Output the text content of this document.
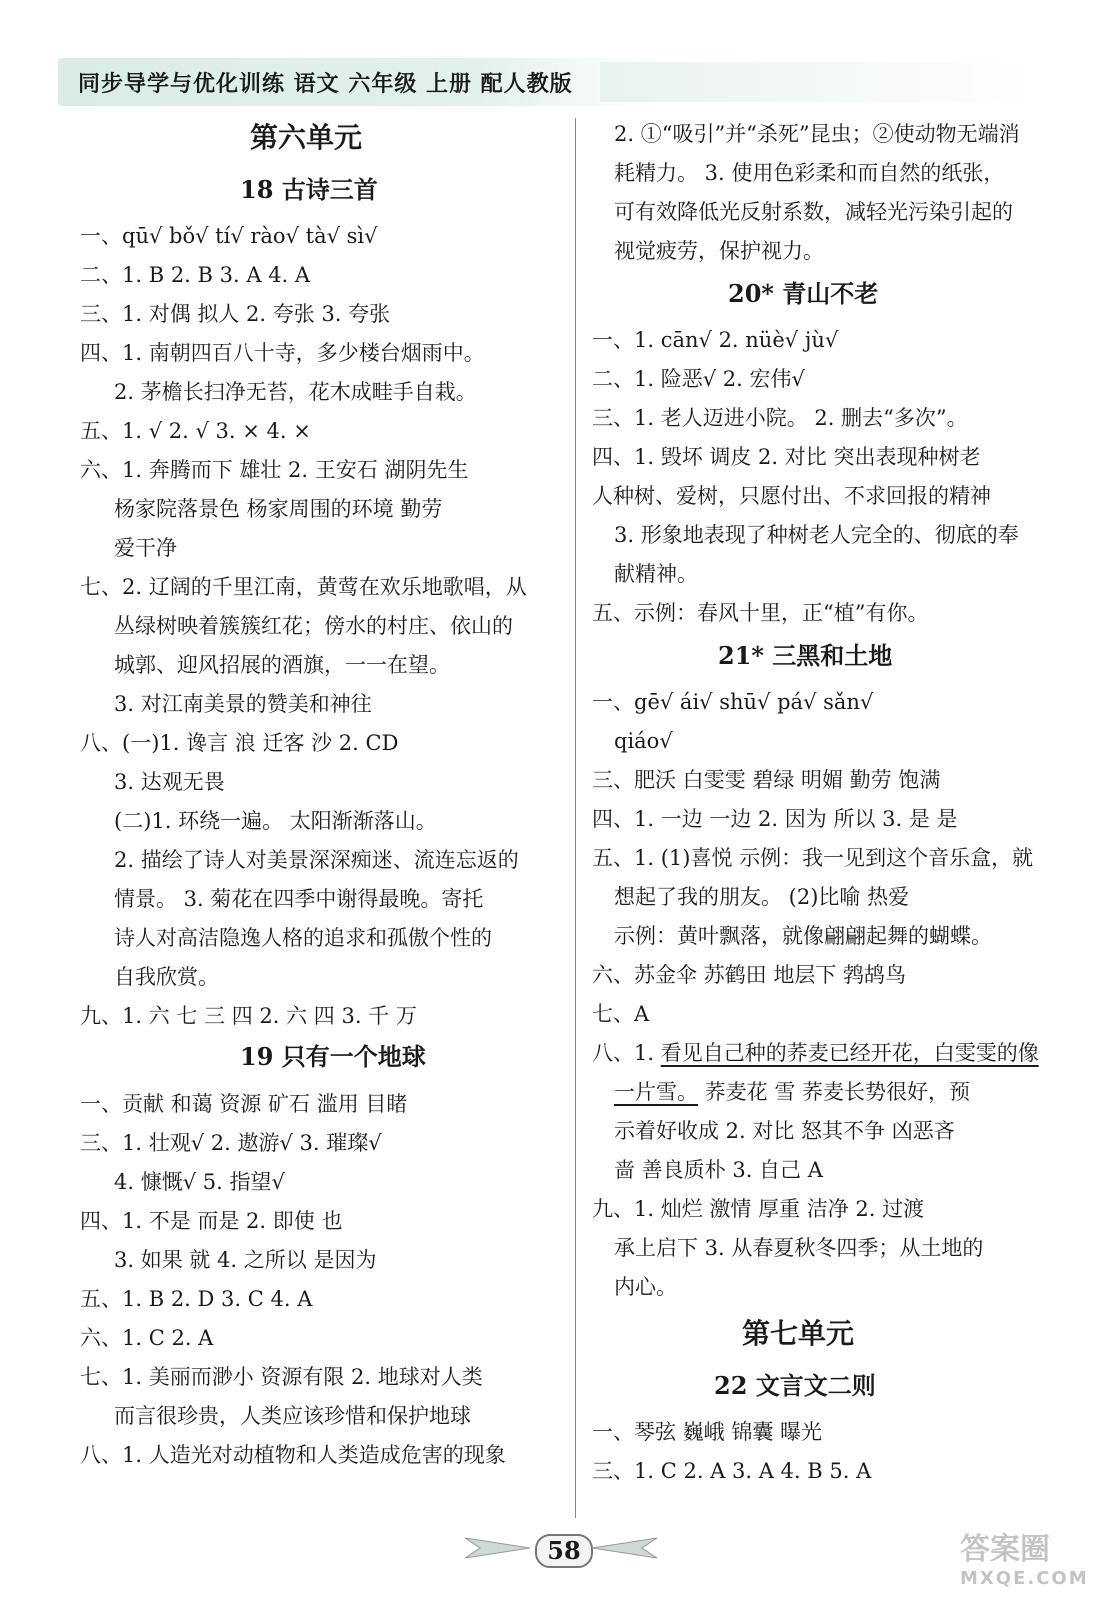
同步导学与优化训练 语文 六年级 上册 配人教版
第六单元
18 古诗三首
一、qū√ bǒ√ tí√ rào√ tà√ sì√
二、1. B 2. B 3. A 4. A
三、1. 对偶 拟人 2. 夸张 3. 夸张
四、1. 南朝四百八十寺，多少楼台烟雨中。
2. 茅檐长扫净无苔，花木成畦手自栽。
五、1. √ 2. √ 3. × 4. ×
六、1. 奔腾而下 雄壮 2. 王安石 湖阴先生
杨家院落景色 杨家周围的环境 勤劳
爱干净
七、2. 辽阔的千里江南，黄莺在欢乐地歌唱，从
丛绿树映着簇簇红花；傍水的村庄、依山的
城郭、迎风招展的酒旗，一一在望。
3. 对江南美景的赞美和神往
八、(一)1. 谗言 浪 迁客 沙 2. CD
3. 达观无畏
(二)1. 环绕一遍。 太阳渐渐落山。
2. 描绘了诗人对美景深深痴迷、流连忘返的
情景。 3. 菊花在四季中谢得最晚。寄托
诗人对高洁隐逸人格的追求和孤傲个性的
自我欣赏。
九、1. 六 七 三 四 2. 六 四 3. 千 万
19 只有一个地球
一、贡献 和蔼 资源 矿石 滥用 目睹
三、1. 壮观√ 2. 遨游√ 3. 璀璨√
4. 慷慨√ 5. 指望√
四、1. 不是 而是 2. 即使 也
3. 如果 就 4. 之所以 是因为
五、1. B 2. D 3. C 4. A
六、1. C 2. A
七、1. 美丽而渺小 资源有限 2. 地球对人类
而言很珍贵，人类应该珍惜和保护地球
八、1. 人造光对动植物和人类造成危害的现象
2. ①“吸引”并“杀死”昆虫；②使动物无端消
耗精力。 3. 使用色彩柔和而自然的纸张，
可有效降低光反射系数，减轻光污染引起的
视觉疲劳，保护视力。
20* 青山不老
一、1. cān√ 2. nüè√ jù√
二、1. 险恶√ 2. 宏伟√
三、1. 老人迈进小院。 2. 删去“多次”。
四、1. 毁坏 调皮 2. 对比 突出表现种树老
人种树、爱树，只愿付出、不求回报的精神
3. 形象地表现了种树老人完全的、彻底的奉
献精神。
五、示例：春风十里，正“植”有你。
21* 三黑和土地
一、gē√ ái√ shū√ pá√ sǎn√
qiáo√
三、肥沃 白雯雯 碧绿 明媚 勤劳 饱满
四、1. 一边 一边 2. 因为 所以 3. 是 是
五、1. (1)喜悦 示例：我一见到这个音乐盒，就
想起了我的朋友。 (2)比喻 热爱
示例：黄叶飘落，就像翩翩起舞的蝴蝶。
六、苏金伞 苏鹤田 地层下 鹁鸪鸟
七、A
八、1. 看见自己种的荞麦已经开花，白雯雯的像
一片雪。 荞麦花 雪 荞麦长势很好，预
示着好收成 2. 对比 怒其不争 凶恶吝
啬 善良质朴 3. 自己 A
九、1. 灿烂 激情 厚重 洁净 2. 过渡
承上启下 3. 从春夏秋冬四季；从土地的
内心。
第七单元
22 文言文二则
一、琴弦 巍峨 锦囊 曝光
三、1. C 2. A 3. A 4. B 5. A
58	答案圈
MXQE.COM
